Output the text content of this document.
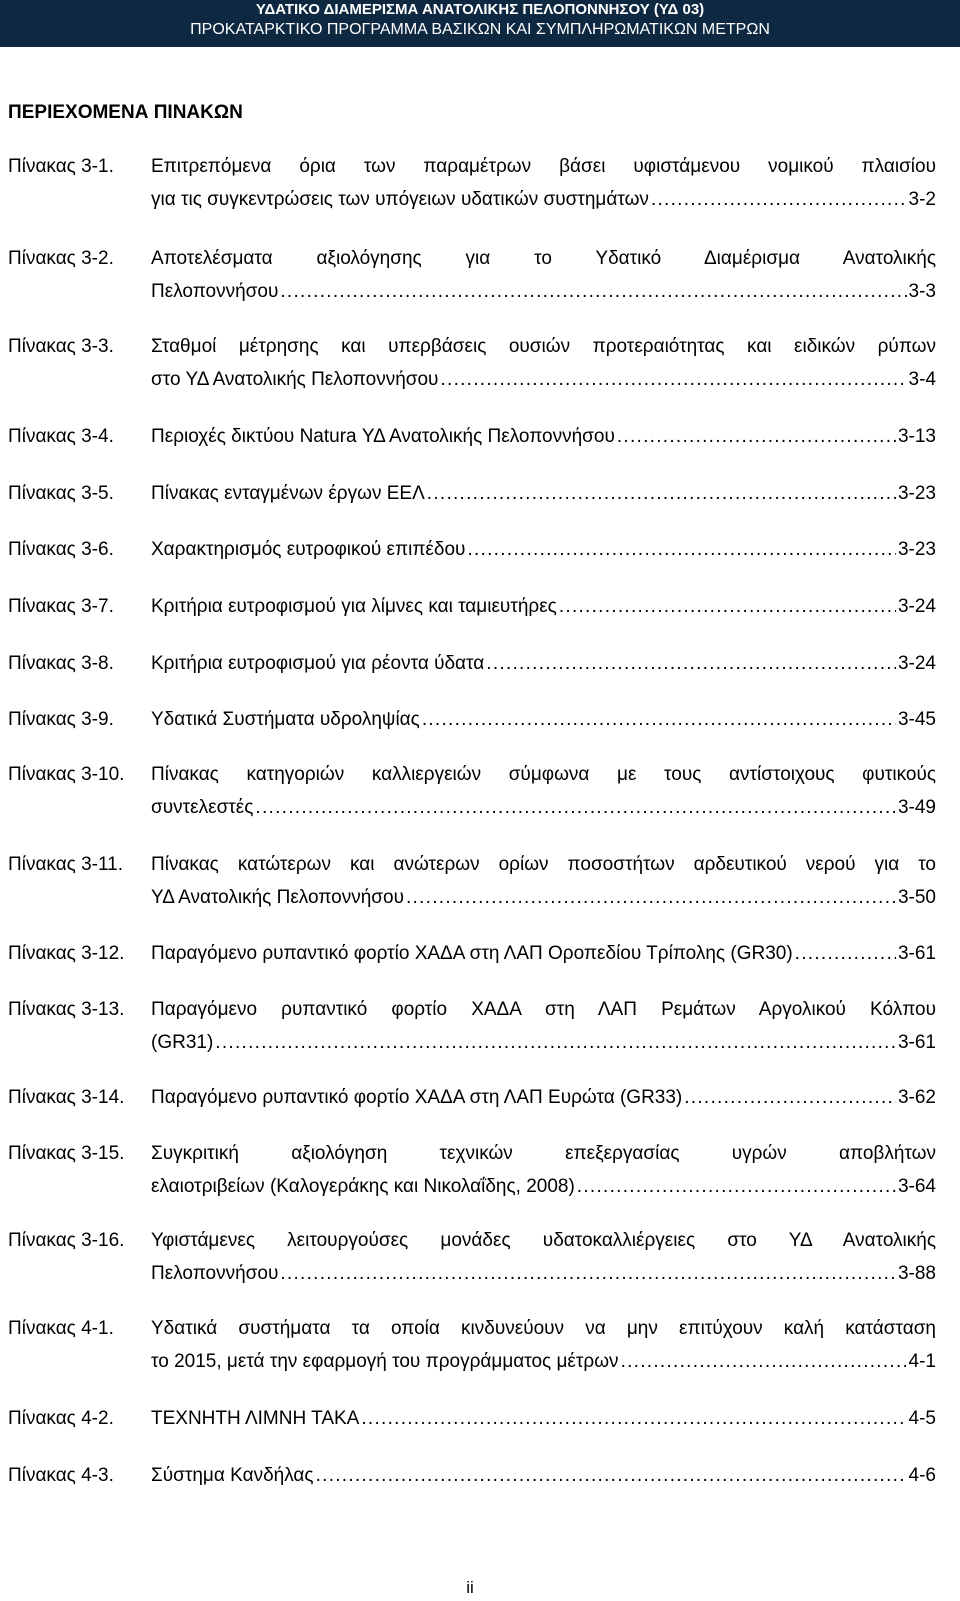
ΥΔΑΤΙΚΟ ΔΙΑΜΕΡΙΣΜΑ ΑΝΑΤΟΛΙΚΗΣ ΠΕΛΟΠΟΝΝΗΣΟΥ (ΥΔ 03)
ΠΡΟΚΑΤΑΡΚΤΙΚΟ ΠΡΟΓΡΑΜΜΑ ΒΑΣΙΚΩΝ ΚΑΙ ΣΥΜΠΛΗΡΩΜΑΤΙΚΩΝ ΜΕΤΡΩΝ
ΠΕΡΙΕΧΟΜΕΝΑ ΠΙΝΑΚΩΝ
Πίνακας 3-1. Επιτρεπόμενα όρια των παραμέτρων βάσει υφιστάμενου νομικού πλαισίου
για τις συγκεντρώσεις των υπόγειων υδατικών συστημάτων . . .	3-2
Πίνακας 3-2. Αποτελέσματα αξιολόγησης για το Υδατικό Διαμέρισμα Ανατολικής
Πελοποννήσου . . .	3-3
Πίνακας 3-3. Σταθμοί μέτρησης και υπερβάσεις ουσιών προτεραιότητας και ειδικών ρύπων
στο ΥΔ Ανατολικής Πελοποννήσου . . .	3-4
Πίνακας 3-4. Περιοχές δικτύου Natura ΥΔ Ανατολικής Πελοποννήσου . . .	3-13
Πίνακας 3-5. Πίνακας ενταγμένων έργων ΕΕΛ . . .	3-23
Πίνακας 3-6. Χαρακτηρισμός ευτροφικού επιπέδου . . .	3-23
Πίνακας 3-7. Κριτήρια ευτροφισμού για λίμνες και ταμιευτήρες . . .	3-24
Πίνακας 3-8. Κριτήρια ευτροφισμού για ρέοντα ύδατα . . .	3-24
Πίνακας 3-9. Υδατικά Συστήματα υδροληψίας . . .	3-45
Πίνακας 3-10. Πίνακας κατηγοριών καλλιεργειών σύμφωνα με τους αντίστοιχους φυτικούς
συντελεστές . . .	3-49
Πίνακας 3-11. Πίνακας κατώτερων και ανώτερων ορίων ποσοστήτων αρδευτικού νερού για το
ΥΔ Ανατολικής Πελοποννήσου . . .	3-50
Πίνακας 3-12. Παραγόμενο ρυπαντικό φορτίο ΧΑΔΑ στη ΛΑΠ Οροπεδίου Τρίπολης (GR30) . . .	3-61
Πίνακας 3-13. Παραγόμενο ρυπαντικό φορτίο ΧΑΔΑ στη ΛΑΠ Ρεμάτων Αργολικού Κόλπου
(GR31) . . .	3-61
Πίνακας 3-14. Παραγόμενο ρυπαντικό φορτίο ΧΑΔΑ στη ΛΑΠ Ευρώτα (GR33) . . .	3-62
Πίνακας 3-15. Συγκριτική αξιολόγηση τεχνικών επεξεργασίας υγρών αποβλήτων
ελαιοτριβείων (Καλογεράκης και Νικολαΐδης, 2008) . . .	3-64
Πίνακας 3-16. Υφιστάμενες λειτουργούσες μονάδες υδατοκαλλιέργειες στο ΥΔ Ανατολικής
Πελοποννήσου . . .	3-88
Πίνακας 4-1. Υδατικά συστήματα τα οποία κινδυνεύουν να μην επιτύχουν καλή κατάσταση
το 2015, μετά την εφαρμογή του προγράμματος μέτρων . . .	4-1
Πίνακας 4-2. ΤΕΧΝΗΤΗ ΛΙΜΝΗ ΤΑΚΑ . . .	4-5
Πίνακας 4-3. Σύστημα Κανδήλας . . .	4-6
ii
